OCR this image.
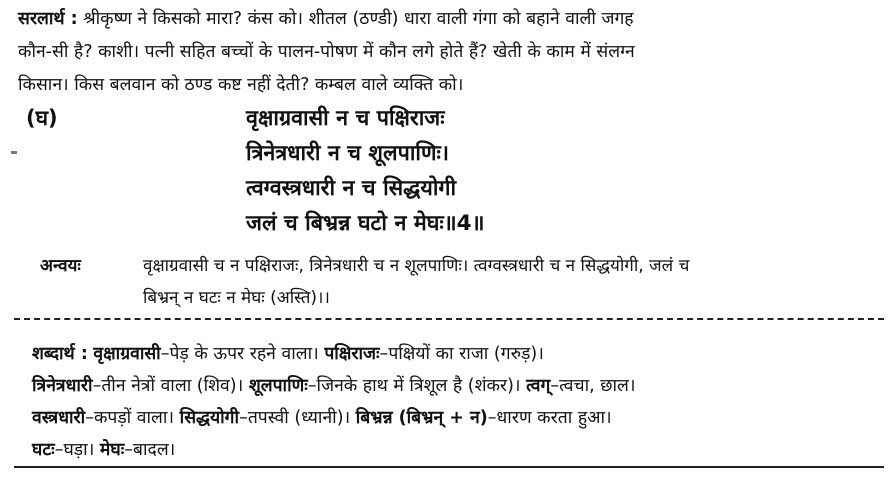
सरलार्थ : श्रीकृष्ण ने किसको मारा? कंस को। शीतल (ठण्डी) धारा वाली गंगा को बहाने वाली जगह
कौन-सी है? काशी। पत्नी सहित बच्चों के पालन-पोषण में कौन लगे होते हैं? खेती के काम में संलग्न
किसान। किस बलवान को ठण्ड कष्ट नहीं देती? कम्बल वाले व्यक्ति को।
(घ)	वृक्षाग्रवासी न च पक्षिराजः
त्रिनेत्रधारी न च शूलपाणिः।
त्वग्वस्त्रधारी न च सिद्धयोगी
जलं च बिभ्रन्न घटो न मेघः॥4॥
अन्वयः	वृक्षाग्रवासी च न पक्षिराजः, त्रिनेत्रधारी च न शूलपाणिः। त्वग्वस्त्रधारी च न सिद्धयोगी, जलं च
बिभ्रन् न घटः न मेघः (अस्ति)।।
शब्दार्थ : वृक्षाग्रवासी–पेड़ के ऊपर रहने वाला। पक्षिराजः–पक्षियों का राजा (गरुड़)।
त्रिनेत्रधारी–तीन नेत्रों वाला (शिव)। शूलपाणिः–जिनके हाथ में त्रिशूल है (शंकर)। त्वग्–त्वचा, छाल।
वस्त्रधारी–कपड़ों वाला। सिद्धयोगी–तपस्वी (ध्यानी)। बिभ्रन्न (बिभ्रन् + न)–धारण करता हुआ।
घटः–घड़ा। मेघः–बादल।
